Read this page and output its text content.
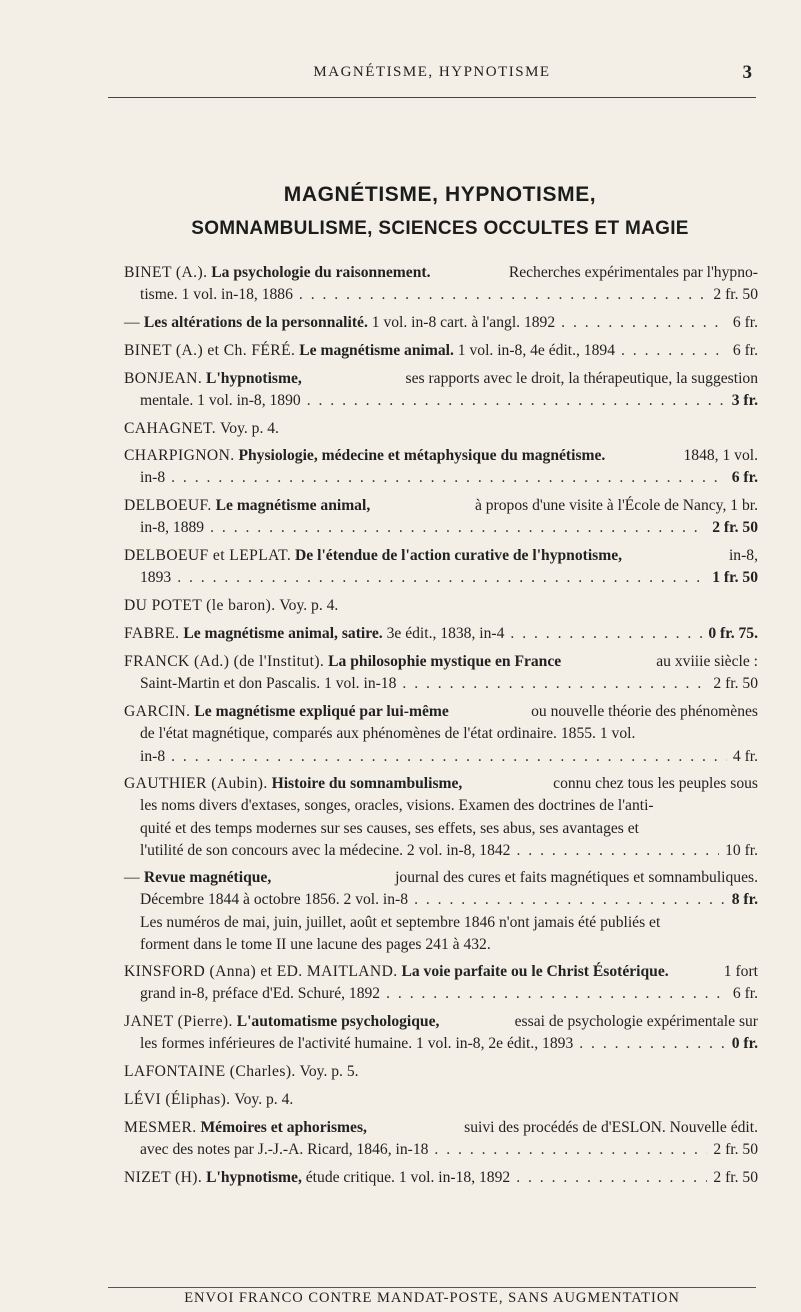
MAGNÉTISME, HYPNOTISME	3
MAGNÉTISME, HYPNOTISME,
SOMNAMBULISME, SCIENCES OCCULTES ET MAGIE
BINET (A.). La psychologie du raisonnement.	Recherches expérimentales par l'hypno-
tisme. 1 vol. in-18, 1886 . . .	2 fr. 50
—
Les altérations de la personnalité.
1 vol. in-8 cart. à l'angl. 1892 . . .	6 fr.
BINET (A.) et Ch. FÉRÉ.
Le magnétisme animal.
1 vol. in-8, 4e édit., 1894 . . .	6 fr.
BONJEAN. L'hypnotisme,	ses rapports avec le droit, la thérapeutique, la suggestion
mentale. 1 vol. in-8, 1890 . . .	3 fr.
CAHAGNET.
Voy. p. 4.
CHARPIGNON. Physiologie, médecine et métaphysique du magnétisme.	1848, 1 vol.
in-8 . . .	6 fr.
DELBOEUF. Le magnétisme animal,	à propos d'une visite à l'École de Nancy, 1 br.
in-8, 1889 . . .	2 fr. 50
DELBOEUF et LEPLAT. De l'étendue de l'action curative de l'hypnotisme,	in-8,
1893 . . .	1 fr. 50
DU POTET (le baron).
Voy. p. 4.
FABRE.
Le magnétisme animal, satire.
3e édit., 1838, in-4 . . .	0 fr. 75.
FRANCK (Ad.) (de l'Institut). La philosophie mystique en France	au xviiie siècle :
Saint-Martin et don Pascalis. 1 vol. in-18 . . .	2 fr. 50
GARCIN. Le magnétisme expliqué par lui-même	ou nouvelle théorie des phénomènes
de l'état magnétique, comparés aux phénomènes de l'état ordinaire. 1855. 1 vol.
in-8 . . .	4 fr.
GAUTHIER (Aubin). Histoire du somnambulisme,	connu chez tous les peuples sous
les noms divers d'extases, songes, oracles, visions. Examen des doctrines de l'anti-
quité et des temps modernes sur ses causes, ses effets, ses abus, ses avantages et
l'utilité de son concours avec la médecine. 2 vol. in-8, 1842 . . .	10 fr.
— Revue magnétique,	journal des cures et faits magnétiques et somnambuliques.
Décembre 1844 à octobre 1856. 2 vol. in-8 . . .	8 fr.
Les numéros de mai, juin, juillet, août et septembre 1846 n'ont jamais été publiés et
forment dans le tome II une lacune des pages 241 à 432.
KINSFORD (Anna) et ED. MAITLAND. La voie parfaite ou le Christ Ésotérique.	1 fort
grand in-8, préface d'Ed. Schuré, 1892 . . .	6 fr.
JANET (Pierre). L'automatisme psychologique,	essai de psychologie expérimentale sur
les formes inférieures de l'activité humaine. 1 vol. in-8, 2e édit., 1893 . . .	0 fr.
LAFONTAINE (Charles).
Voy. p. 5.
LÉVI (Éliphas).
Voy. p. 4.
MESMER. Mémoires et aphorismes,	suivi des procédés de d'ESLON. Nouvelle édit.
avec des notes par J.-J.-A. Ricard, 1846, in-18 . . .	2 fr. 50
NIZET (H).
L'hypnotisme,
étude critique. 1 vol. in-18, 1892 . . .	2 fr. 50
ENVOI FRANCO CONTRE MANDAT-POSTE, SANS AUGMENTATION
